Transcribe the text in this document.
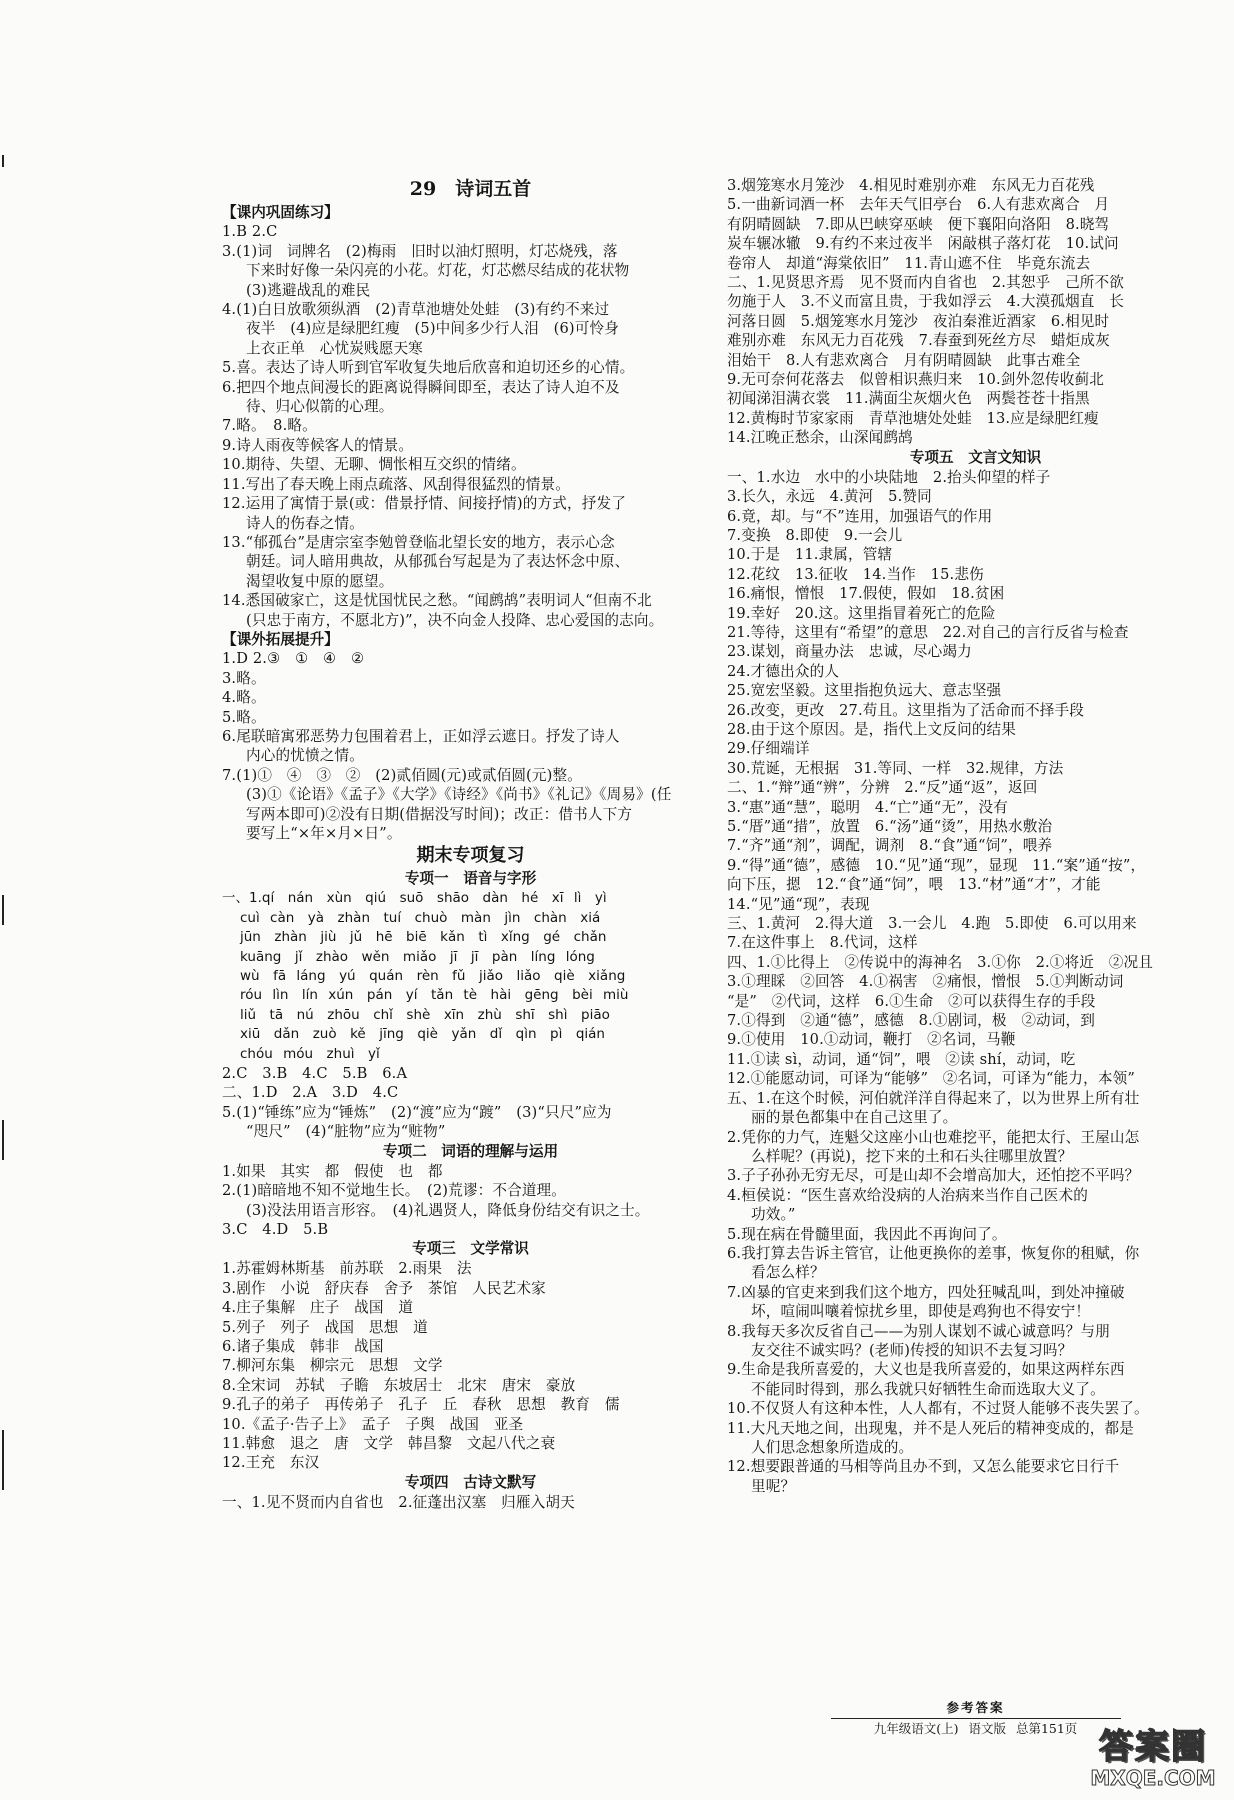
29　诗词五首
【课内巩固练习】
1.B 2.C
3.(1)词　词牌名　(2)梅雨　旧时以油灯照明，灯芯烧残，落
下来时好像一朵闪亮的小花。灯花，灯芯燃尽结成的花状物
(3)逃避战乱的难民
4.(1)白日放歌须纵酒　(2)青草池塘处处蛙　(3)有约不来过
夜半　(4)应是绿肥红瘦　(5)中间多少行人泪　(6)可怜身
上衣正单　心忧炭贱愿天寒
5.喜。表达了诗人听到官军收复失地后欣喜和迫切还乡的心情。
6.把四个地点间漫长的距离说得瞬间即至，表达了诗人迫不及
待、归心似箭的心理。
7.略。　8.略。
9.诗人雨夜等候客人的情景。
10.期待、失望、无聊、惆怅相互交织的情绪。
11.写出了春天晚上雨点疏落、风刮得很猛烈的情景。
12.运用了寓情于景(或：借景抒情、间接抒情)的方式，抒发了
诗人的伤春之情。
13.“郁孤台”是唐宗室李勉曾登临北望长安的地方，表示心念
朝廷。词人暗用典故，从郁孤台写起是为了表达怀念中原、
渴望收复中原的愿望。
14.悉国破家亡，这是忧国忧民之愁。“闻鹧鸪”表明词人“但南不北
(只忠于南方，不愿北方)”，决不向金人投降、忠心爱国的志向。
【课外拓展提升】
1.D 2.③　①　④　②
3.略。
4.略。
5.略。
6.尾联暗寓邪恶势力包围着君上，正如浮云遮日。抒发了诗人
内心的忧愤之情。
7.(1)①　④　③　②　(2)贰佰圆(元)或贰佰圆(元)整。
(3)①《论语》《孟子》《大学》《诗经》《尚书》《礼记》《周易》(任
写两本即可)②没有日期(借据没写时间)；改正：借书人下方
要写上“×年×月×日”。
期末专项复习
专项一　语音与字形
一、1.qí　nán　xùn　qiú　suō　shāo　dàn　hé　xī lì　yì
cuì càn　yà　zhàn　tuí　chuò　màn　jìn　chàn　xiá
jūn　zhàn　jiù　jǔ　hē　biē　kǎn　tì　xǐng　gé　chǎn
kuāng　jǐ　zhào　wěn　miǎo　jī　jī　pàn　líng lóng
wù　fā láng　yú　quán　rèn　fǔ　jiǎo　liǎo　qiè　xiǎng
róu lìn　lín xún　pán　yí　tǎn tè　hài　gēng　bèi miù
liǔ　tā　nú　zhōu　chǐ　shè　xīn　zhù　shī　shì　piāo
xiū　dǎn　zuò　kě　jīng　qiè　yǎn　dǐ　qìn　pì　qián
chóu móu　zhuì　yǐ
2.C　3.B　4.C　5.B　6.A
二、1.D　2.A　3.D　4.C
5.(1)“锤练”应为“锤炼”　(2)“渡”应为“踱”　(3)“只尺”应为
“咫尺”　(4)“脏物”应为“赃物”
专项二　词语的理解与运用
1.如果　其实　都　假使　也　都
2.(1)暗暗地不知不觉地生长。　(2)荒谬：不合道理。
(3)没法用语言形容。　(4)礼遇贤人，降低身份结交有识之士。
3.C　4.D　5.B
专项三　文学常识
1.苏霍姆林斯基　前苏联　2.雨果　法
3.剧作　小说　舒庆春　舍予　茶馆　人民艺术家
4.庄子集解　庄子　战国　道
5.列子　列子　战国　思想　道
6.诸子集成　韩非　战国
7.柳河东集　柳宗元　思想　文学
8.全宋词　苏轼　子瞻　东坡居士　北宋　唐宋　豪放
9.孔子的弟子　再传弟子　孔子　丘　春秋　思想　教育　儒
10.《孟子·告子上》　孟子　子舆　战国　亚圣
11.韩愈　退之　唐　文学　韩昌黎　文起八代之衰
12.王充　东汉
专项四　古诗文默写
一、1.见不贤而内自省也　2.征蓬出汉塞　归雁入胡天
3.烟笼寒水月笼沙　4.相见时难别亦难　东风无力百花残
5.一曲新词酒一杯　去年天气旧亭台　6.人有悲欢离合　月
有阴晴圆缺　7.即从巴峡穿巫峡　便下襄阳向洛阳　8.晓驾
炭车辗冰辙　9.有约不来过夜半　闲敲棋子落灯花　10.试问
卷帘人　却道“海棠依旧”　11.青山遮不住　毕竟东流去
二、1.见贤思齐焉　见不贤而内自省也　2.其恕乎　己所不欲
勿施于人　3.不义而富且贵，于我如浮云　4.大漠孤烟直　长
河落日圆　5.烟笼寒水月笼沙　夜泊秦淮近酒家　6.相见时
难别亦难　东风无力百花残　7.春蚕到死丝方尽　蜡炬成灰
泪始干　8.人有悲欢离合　月有阴晴圆缺　此事古难全
9.无可奈何花落去　似曾相识燕归来　10.剑外忽传收蓟北
初闻涕泪满衣裳　11.满面尘灰烟火色　两鬓苍苍十指黑
12.黄梅时节家家雨　青草池塘处处蛙　13.应是绿肥红瘦
14.江晚正愁余，山深闻鹧鸪
专项五　文言文知识
一、1.水边　水中的小块陆地　2.抬头仰望的样子
3.长久，永远　4.黄河　5.赞同
6.竟，却。与“不”连用，加强语气的作用
7.变换　8.即使　9.一会儿
10.于是　11.隶属，管辖
12.花纹　13.征收　14.当作　15.悲伤
16.痛恨，憎恨　17.假使，假如　18.贫困
19.幸好　20.这。这里指冒着死亡的危险
21.等待，这里有“希望”的意思　22.对自己的言行反省与检查
23.谋划，商量办法　忠诚，尽心竭力
24.才德出众的人
25.宽宏坚毅。这里指抱负远大、意志坚强
26.改变，更改　27.苟且。这里指为了活命而不择手段
28.由于这个原因。是，指代上文反问的结果
29.仔细端详
30.荒诞，无根据　31.等同、一样　32.规律，方法
二、1.“辩”通“辨”，分辨　2.“反”通“返”，返回
3.“惠”通“慧”，聪明　4.“亡”通“无”，没有
5.“厝”通“措”，放置　6.“汤”通“烫”，用热水敷治
7.“齐”通“剂”，调配，调剂　8.“食”通“饲”，喂养
9.“得”通“德”，感德　10.“见”通“现”，显现　11.“案”通“按”，
向下压，摁　12.“食”通“饲”，喂　13.“材”通“才”，才能
14.“见”通“现”，表现
三、1.黄河　2.得大道　3.一会儿　4.跑　5.即使　6.可以用来
7.在这件事上　8.代词，这样
四、1.①比得上　②传说中的海神名　3.①你　2.①将近　②况且
3.①理睬　②回答　4.①祸害　②痛恨，憎恨　5.①判断动词
“是”　②代词，这样　6.①生命　②可以获得生存的手段
7.①得到　②通“德”，感德　8.①剧词，极　②动词，到
9.①使用　10.①动词，鞭打　②名词，马鞭
11.①读 sì，动词，通“饲”，喂　②读 shí，动词，吃
12.①能愿动词，可译为“能够”　②名词，可译为“能力，本领”
五、1.在这个时候，河伯就洋洋自得起来了，以为世界上所有壮
丽的景色都集中在自己这里了。
2.凭你的力气，连魁父这座小山也难挖平，能把太行、王屋山怎
么样呢？(再说)，挖下来的土和石头往哪里放置？
3.子子孙孙无穷无尽，可是山却不会增高加大，还怕挖不平吗？
4.桓侯说：“医生喜欢给没病的人治病来当作自己医术的
功效。”
5.现在病在骨髓里面，我因此不再询问了。
6.我打算去告诉主管官，让他更换你的差事，恢复你的租赋，你
看怎么样？
7.凶暴的官吏来到我们这个地方，四处狂喊乱叫，到处冲撞破
坏，喧闹叫嚷着惊扰乡里，即使是鸡狗也不得安宁！
8.我每天多次反省自己——为别人谋划不诚心诚意吗？与朋
友交往不诚实吗？(老师)传授的知识不去复习吗？
9.生命是我所喜爱的，大义也是我所喜爱的，如果这两样东西
不能同时得到，那么我就只好牺牲生命而选取大义了。
10.不仅贤人有这种本性，人人都有，不过贤人能够不丧失罢了。
11.大凡天地之间，出现鬼，并不是人死后的精神变成的，都是
人们思念想象所造成的。
12.想要跟普通的马相等尚且办不到，又怎么能要求它日行千
里呢？
参考答案
九年级语文(上) 语文版 总第151页 答案圈
MXQE.COM
